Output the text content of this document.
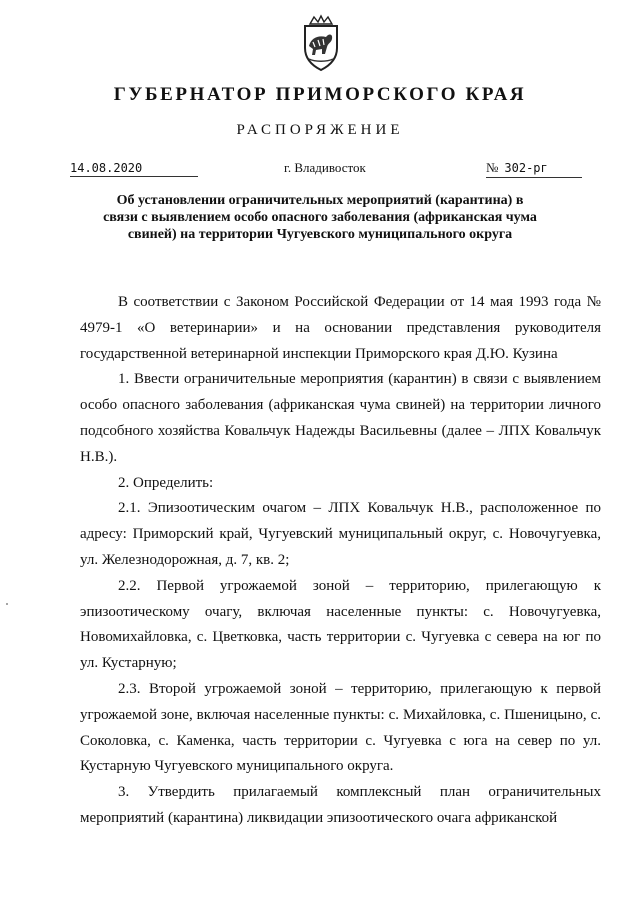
ГУБЕРНАТОР ПРИМОРСКОГО КРАЯ
РАСПОРЯЖЕНИЕ
14.08.2020	г. Владивосток	№ 302-рг
Об установлении ограничительных мероприятий (карантина) в связи с выявлением особо опасного заболевания (африканская чума свиней) на территории Чугуевского муниципального округа

В соответствии с Законом Российской Федерации от 14 мая 1993 года № 4979-1 «О ветеринарии» и на основании представления руководителя государственной ветеринарной инспекции Приморского края Д.Ю. Кузина

1. Ввести ограничительные мероприятия (карантин) в связи с выявлением особо опасного заболевания (африканская чума свиней) на территории личного подсобного хозяйства Ковальчук Надежды Васильевны (далее – ЛПХ Ковальчук Н.В.).

2. Определить:

2.1. Эпизоотическим очагом – ЛПХ Ковальчук Н.В., расположенное по адресу: Приморский край, Чугуевский муниципальный округ, с. Новочугуевка, ул. Железнодорожная, д. 7, кв. 2;

2.2. Первой угрожаемой зоной – территорию, прилегающую к эпизоотическому очагу, включая населенные пункты: с. Новочугуевка, Новомихайловка, с. Цветковка, часть территории с. Чугуевка с севера на юг по ул. Кустарную;

2.3. Второй угрожаемой зоной – территорию, прилегающую к первой угрожаемой зоне, включая населенные пункты: с. Михайловка, с. Пшеницыно, с. Соколовка, с. Каменка, часть территории с. Чугуевка с юга на север по ул. Кустарную Чугуевского муниципального округа.

3. Утвердить прилагаемый комплексный план ограничительных мероприятий (карантина) ликвидации эпизоотического очага африканской
